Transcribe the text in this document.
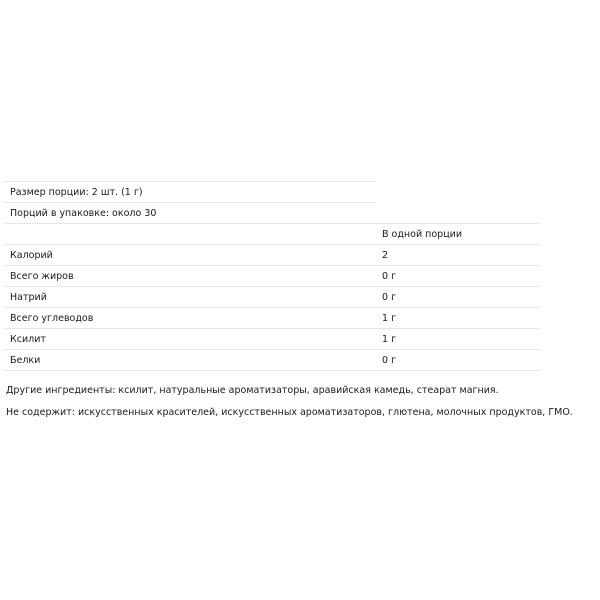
Размер порции: 2 шт. (1 г)
Порций в упаковке: около 30
В одной порции
Калорий	2
Всего жиров	0 г
Натрий	0 г
Всего углеводов	1 г
Ксилит	1 г
Белки	0 г
Другие ингредиенты: ксилит, натуральные ароматизаторы, аравийская камедь, стеарат магния.
Не содержит: искусственных красителей, искусственных ароматизаторов, глютена, молочных продуктов, ГМО.
